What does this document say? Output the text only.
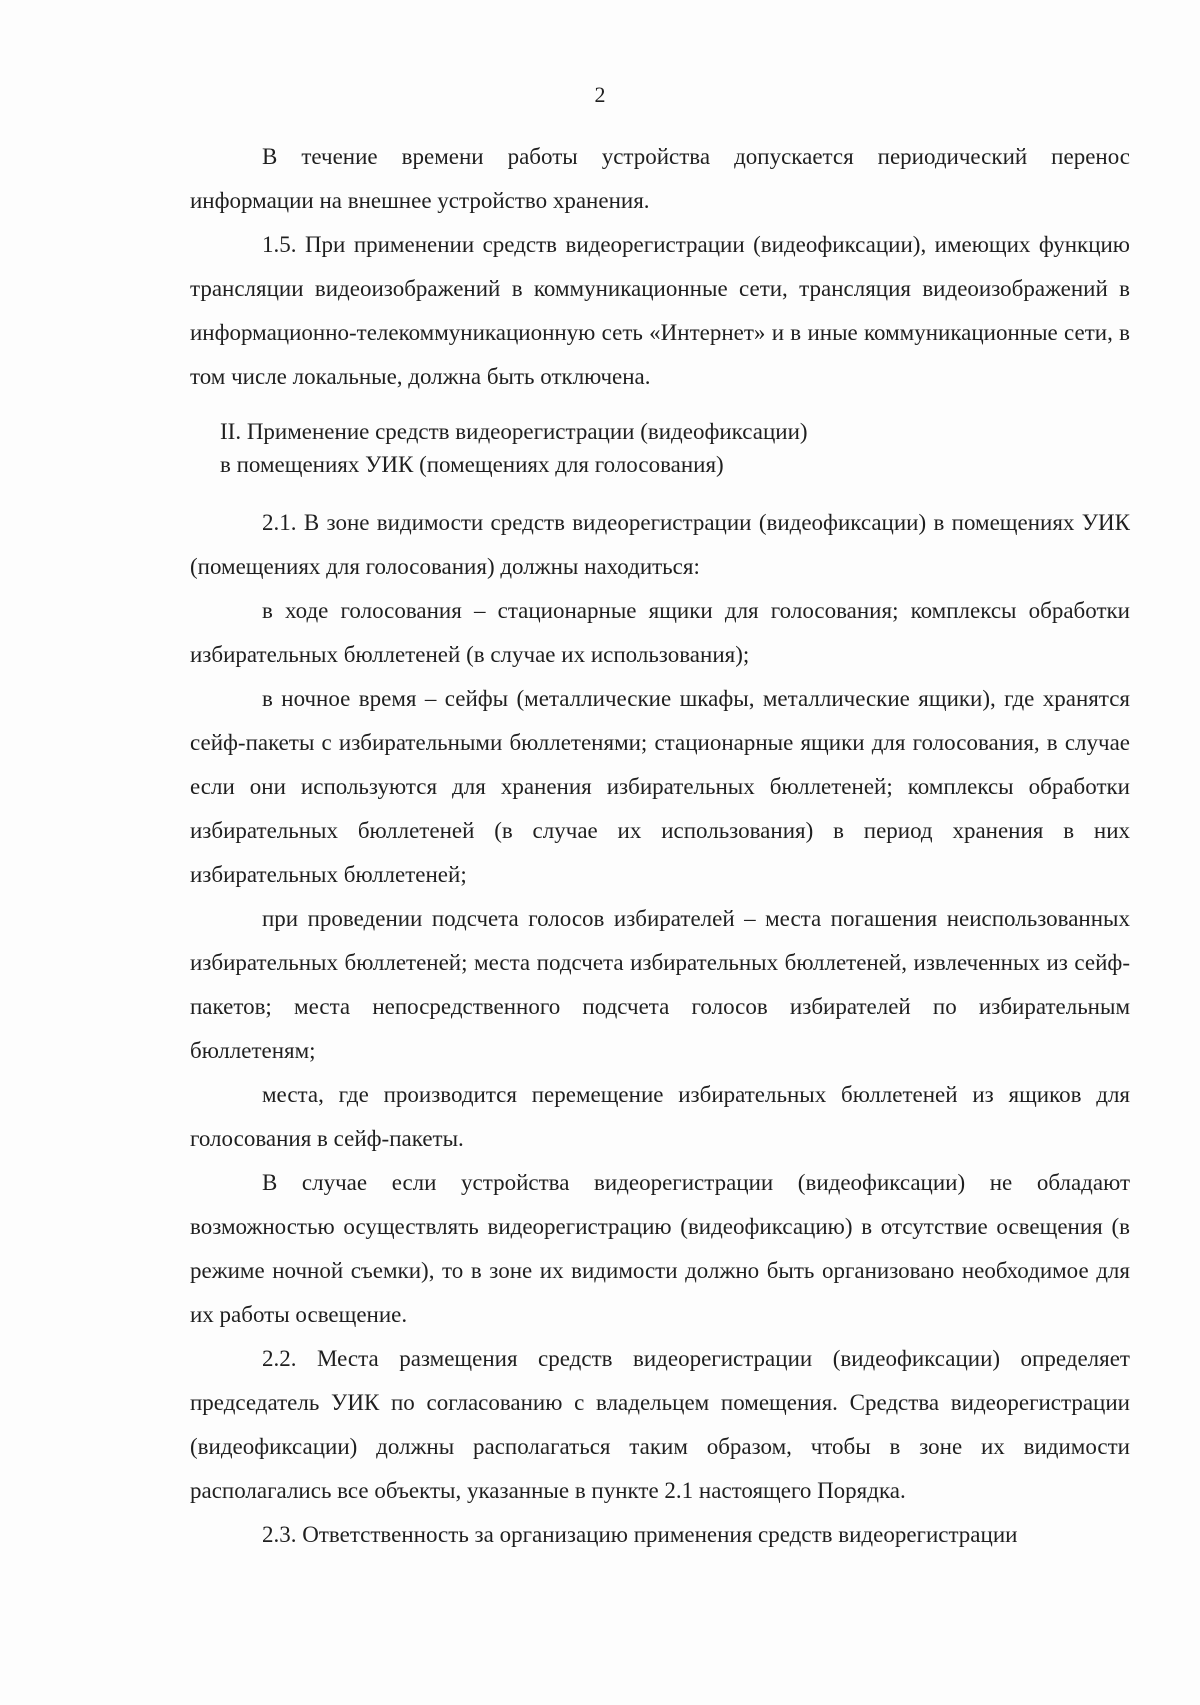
2

В течение времени работы устройства допускается периодический перенос информации на внешнее устройство хранения.

1.5. При применении средств видеорегистрации (видеофиксации), имеющих функцию трансляции видеоизображений в коммуникационные сети, трансляция видеоизображений в информационно-телекоммуникационную сеть «Интернет» и в иные коммуникационные сети, в том числе локальные, должна быть отключена.

II. Применение средств видеорегистрации (видеофиксации)
в помещениях УИК (помещениях для голосования)

2.1. В зоне видимости средств видеорегистрации (видеофиксации) в помещениях УИК (помещениях для голосования) должны находиться:

в ходе голосования – стационарные ящики для голосования; комплексы обработки избирательных бюллетеней (в случае их использования);

в ночное время – сейфы (металлические шкафы, металлические ящики), где хранятся сейф-пакеты с избирательными бюллетенями; стационарные ящики для голосования, в случае если они используются для хранения избирательных бюллетеней; комплексы обработки избирательных бюллетеней (в случае их использования) в период хранения в них избирательных бюллетеней;

при проведении подсчета голосов избирателей – места погашения неиспользованных избирательных бюллетеней; места подсчета избирательных бюллетеней, извлеченных из сейф-пакетов; места непосредственного подсчета голосов избирателей по избирательным бюллетеням;

места, где производится перемещение избирательных бюллетеней из ящиков для голосования в сейф-пакеты.

В случае если устройства видеорегистрации (видеофиксации) не обладают возможностью осуществлять видеорегистрацию (видеофиксацию) в отсутствие освещения (в режиме ночной съемки), то в зоне их видимости должно быть организовано необходимое для их работы освещение.

2.2. Места размещения средств видеорегистрации (видеофиксации) определяет председатель УИК по согласованию с владельцем помещения. Средства видеорегистрации (видеофиксации) должны располагаться таким образом, чтобы в зоне их видимости располагались все объекты, указанные в пункте 2.1 настоящего Порядка.

2.3. Ответственность за организацию применения средств видеорегистрации
